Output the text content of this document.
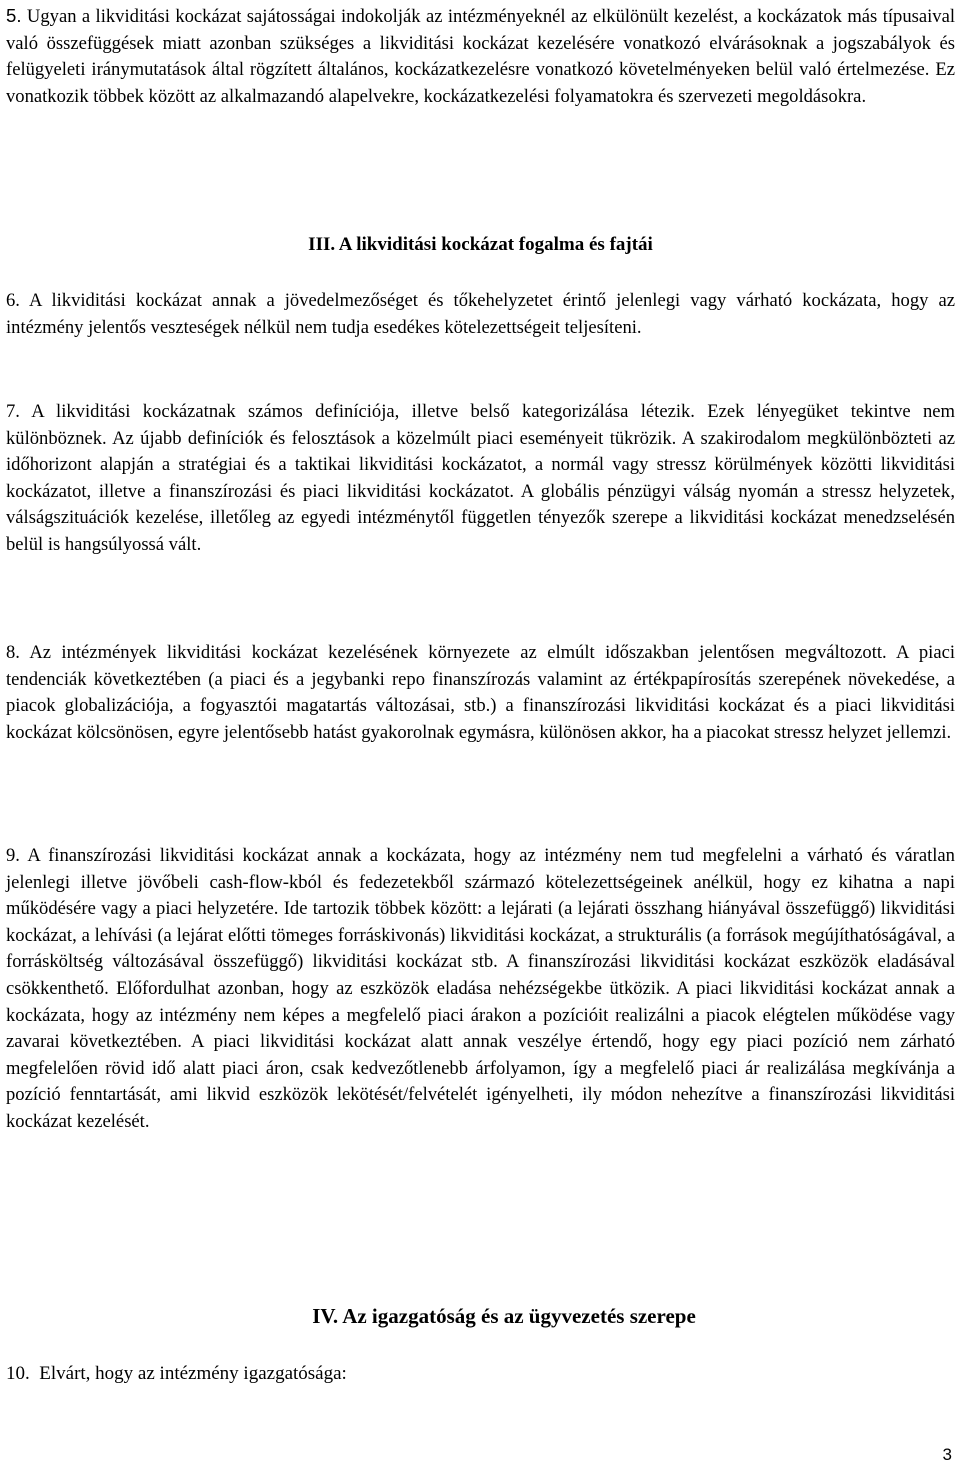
5. Ugyan a likviditási kockázat sajátosságai indokolják az intézményeknél az elkülönült kezelést, a kockázatok más típusaival való összefüggések miatt azonban szükséges a likviditási kockázat kezelésére vonatkozó elvárásoknak a jogszabályok és felügyeleti iránymutatások által rögzített általános, kockázatkezelésre vonatkozó követelményeken belül való értelmezése. Ez vonatkozik többek között az alkalmazandó alapelvekre, kockázatkezelési folyamatokra és szervezeti megoldásokra.

III. A likviditási kockázat fogalma és fajtái

6. A likviditási kockázat annak a jövedelmezőséget és tőkehelyzetet érintő jelenlegi vagy várható kockázata, hogy az intézmény jelentős veszteségek nélkül nem tudja esedékes kötelezettségeit teljesíteni.

7. A likviditási kockázatnak számos definíciója, illetve belső kategorizálása létezik. Ezek lényegüket tekintve nem különböznek. Az újabb definíciók és felosztások a közelmúlt piaci eseményeit tükrözik. A szakirodalom megkülönbözteti az időhorizont alapján a stratégiai és a taktikai likviditási kockázatot, a normál vagy stressz körülmények közötti likviditási kockázatot, illetve a finanszírozási és piaci likviditási kockázatot. A globális pénzügyi válság nyomán a stressz helyzetek, válságszituációk kezelése, illetőleg az egyedi intézménytől független tényezők szerepe a likviditási kockázat menedzselésén belül is hangsúlyossá vált.

8. Az intézmények likviditási kockázat kezelésének környezete az elmúlt időszakban jelentősen megváltozott. A piaci tendenciák következtében (a piaci és a jegybanki repo finanszírozás valamint az értékpapírosítás szerepének növekedése, a piacok globalizációja, a fogyasztói magatartás változásai, stb.) a finanszírozási likviditási kockázat és a piaci likviditási kockázat kölcsönösen, egyre jelentősebb hatást gyakorolnak egymásra, különösen akkor, ha a piacokat stressz helyzet jellemzi.

9. A finanszírozási likviditási kockázat annak a kockázata, hogy az intézmény nem tud megfelelni a várható és váratlan jelenlegi illetve jövőbeli cash-flow-kból és fedezetekből származó kötelezettségeinek anélkül, hogy ez kihatna a napi működésére vagy a piaci helyzetére. Ide tartozik többek között: a lejárati (a lejárati összhang hiányával összefüggő) likviditási kockázat, a lehívási (a lejárat előtti tömeges forráskivonás) likviditási kockázat, a strukturális (a források megújíthatóságával, a forrásköltség változásával összefüggő) likviditási kockázat stb. A finanszírozási likviditási kockázat eszközök eladásával csökkenthető. Előfordulhat azonban, hogy az eszközök eladása nehézségekbe ütközik. A piaci likviditási kockázat annak a kockázata, hogy az intézmény nem képes a megfelelő piaci árakon a pozícióit realizálni a piacok elégtelen működése vagy zavarai következtében. A piaci likviditási kockázat alatt annak veszélye értendő, hogy egy piaci pozíció nem zárható megfelelően rövid idő alatt piaci áron, csak kedvezőtlenebb árfolyamon, így a megfelelő piaci ár realizálása megkívánja a pozíció fenntartását, ami likvid eszközök lekötését/felvételét igényelheti, ily módon nehezítve a finanszírozási likviditási kockázat kezelését.

IV. Az igazgatóság és az ügyvezetés szerepe

10. Elvárt, hogy az intézmény igazgatósága:

3
